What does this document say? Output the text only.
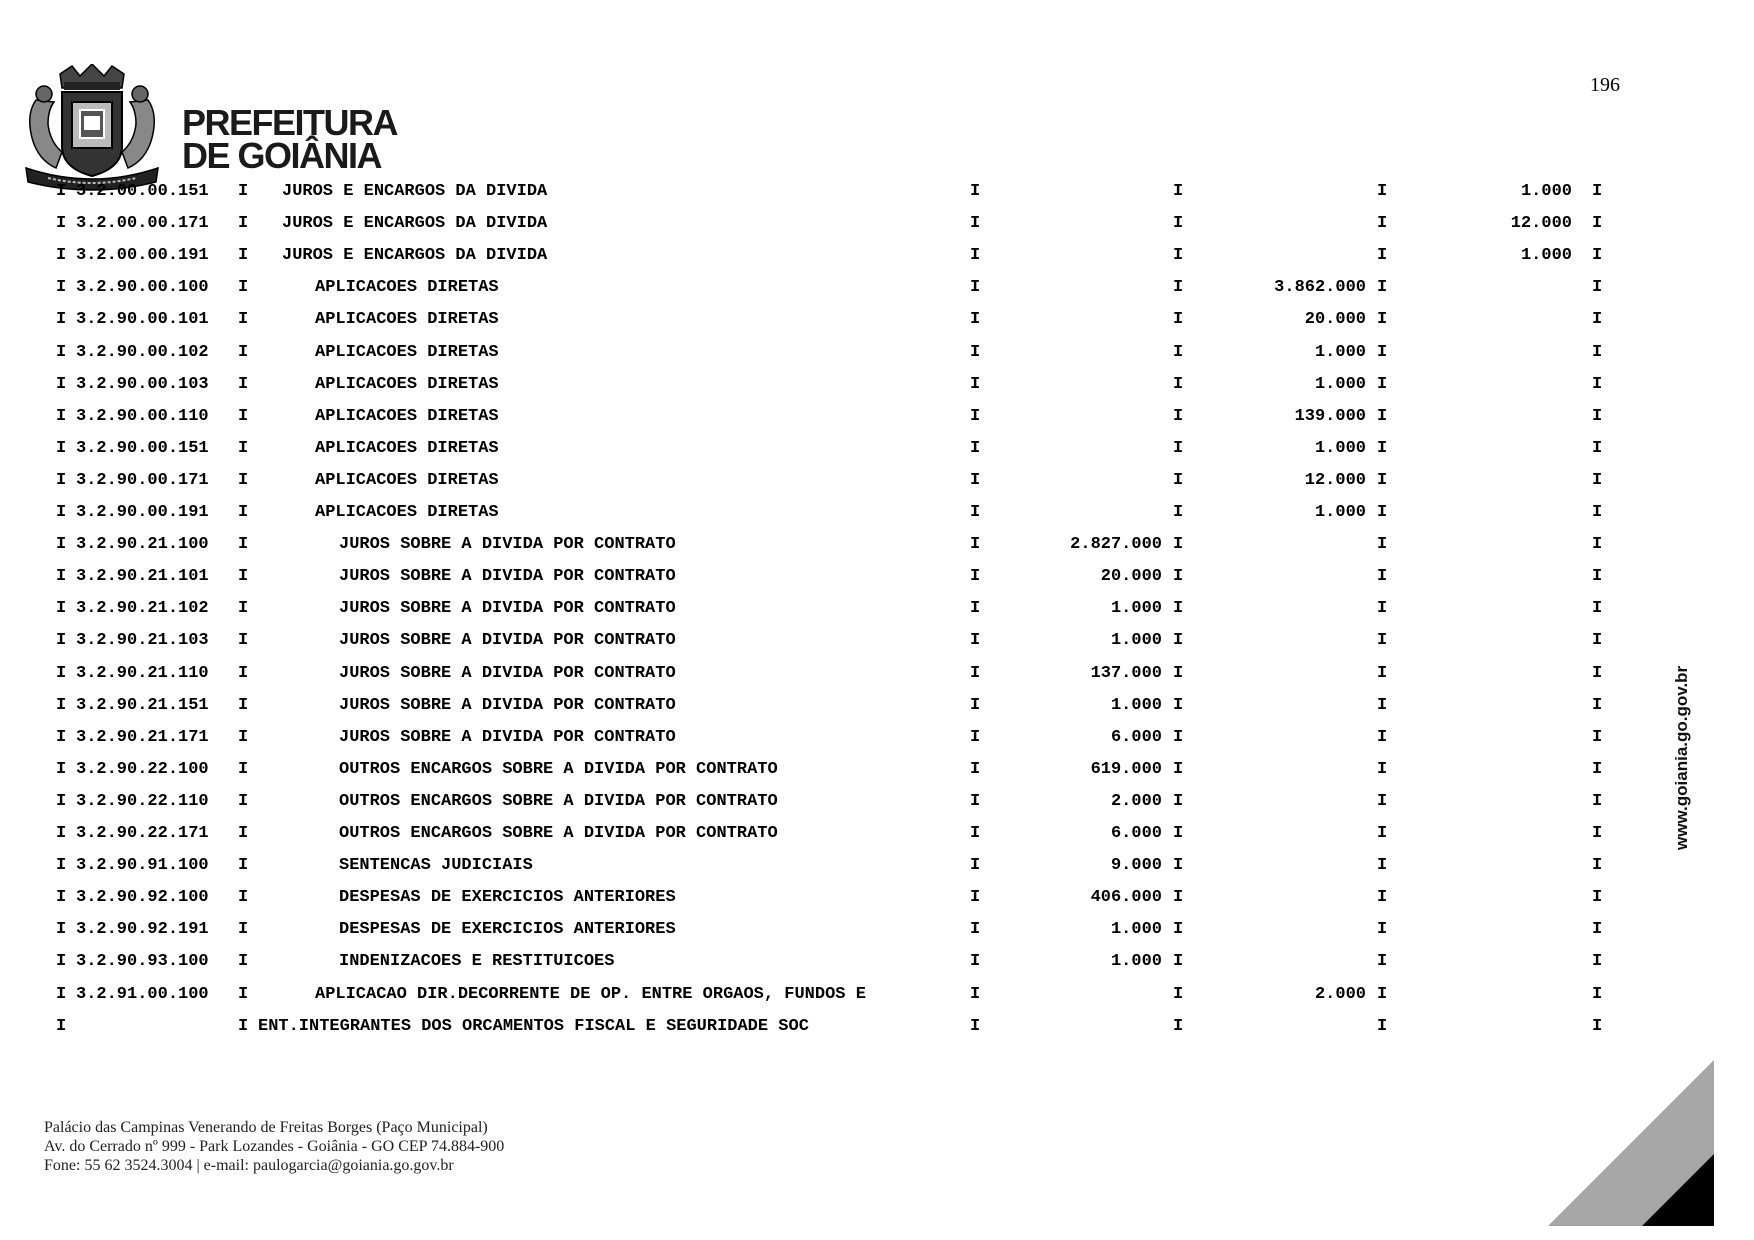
196
PREFEITURA
DE GOIÂNIA
I 3.2.00.00.151 I JUROS E ENCARGOS DA DIVIDA	I	I	I	1.000 I
I 3.2.00.00.171 I JUROS E ENCARGOS DA DIVIDA	I	I	I	12.000 I
I 3.2.00.00.191 I JUROS E ENCARGOS DA DIVIDA	I	I	I	1.000 I
I 3.2.90.00.100 I	APLICACOES DIRETAS	I	I	3.862.000 I	I
I 3.2.90.00.101 I	APLICACOES DIRETAS	I	I	20.000 I	I
I 3.2.90.00.102 I	APLICACOES DIRETAS	I	I	1.000 I	I
I 3.2.90.00.103 I	APLICACOES DIRETAS	I	I	1.000 I	I
I 3.2.90.00.110 I	APLICACOES DIRETAS	I	I	139.000 I	I
I 3.2.90.00.151 I	APLICACOES DIRETAS	I	I	1.000 I	I
I 3.2.90.00.171 I	APLICACOES DIRETAS	I	I	12.000 I	I
I 3.2.90.00.191 I	APLICACOES DIRETAS	I	I	1.000 I	I
I 3.2.90.21.100 I	JUROS SOBRE A DIVIDA POR CONTRATO	I	2.827.000 I	I	I
I 3.2.90.21.101 I	JUROS SOBRE A DIVIDA POR CONTRATO	I	20.000 I	I	I
I 3.2.90.21.102 I	JUROS SOBRE A DIVIDA POR CONTRATO	I	1.000 I	I	I
I 3.2.90.21.103 I	JUROS SOBRE A DIVIDA POR CONTRATO	I	1.000 I	I	I
I 3.2.90.21.110 I	JUROS SOBRE A DIVIDA POR CONTRATO	I	137.000 I	I	I
I 3.2.90.21.151 I	JUROS SOBRE A DIVIDA POR CONTRATO	I	1.000 I	I	I
I 3.2.90.21.171 I	JUROS SOBRE A DIVIDA POR CONTRATO	I	6.000 I	I	I
I 3.2.90.22.100 I	OUTROS ENCARGOS SOBRE A DIVIDA POR CONTRATO	I	619.000 I	I	I
I 3.2.90.22.110 I	OUTROS ENCARGOS SOBRE A DIVIDA POR CONTRATO	I	2.000 I	I	I
I 3.2.90.22.171 I	OUTROS ENCARGOS SOBRE A DIVIDA POR CONTRATO	I	6.000 I	I	I
I 3.2.90.91.100 I	SENTENCAS JUDICIAIS	I	9.000 I	I	I
I 3.2.90.92.100 I	DESPESAS DE EXERCICIOS ANTERIORES	I	406.000 I	I	I
I 3.2.90.92.191 I	DESPESAS DE EXERCICIOS ANTERIORES	I	1.000 I	I	I
I 3.2.90.93.100 I	INDENIZACOES E RESTITUICOES	I	1.000 I	I	I
I 3.2.91.00.100 I	APLICACAO DIR.DECORRENTE DE OP. ENTRE ORGAOS, FUNDOS E	I	I	2.000 I	I
I	I ENT.INTEGRANTES DOS ORCAMENTOS FISCAL E SEGURIDADE SOC	I	I	I	I
www.goiania.go.gov.br
Palácio das Campinas Venerando de Freitas Borges (Paço Municipal)
Av. do Cerrado nº 999 - Park Lozandes - Goiânia - GO CEP 74.884-900
Fone: 55 62 3524.3004 | e-mail: paulogarcia@goiania.go.gov.br
